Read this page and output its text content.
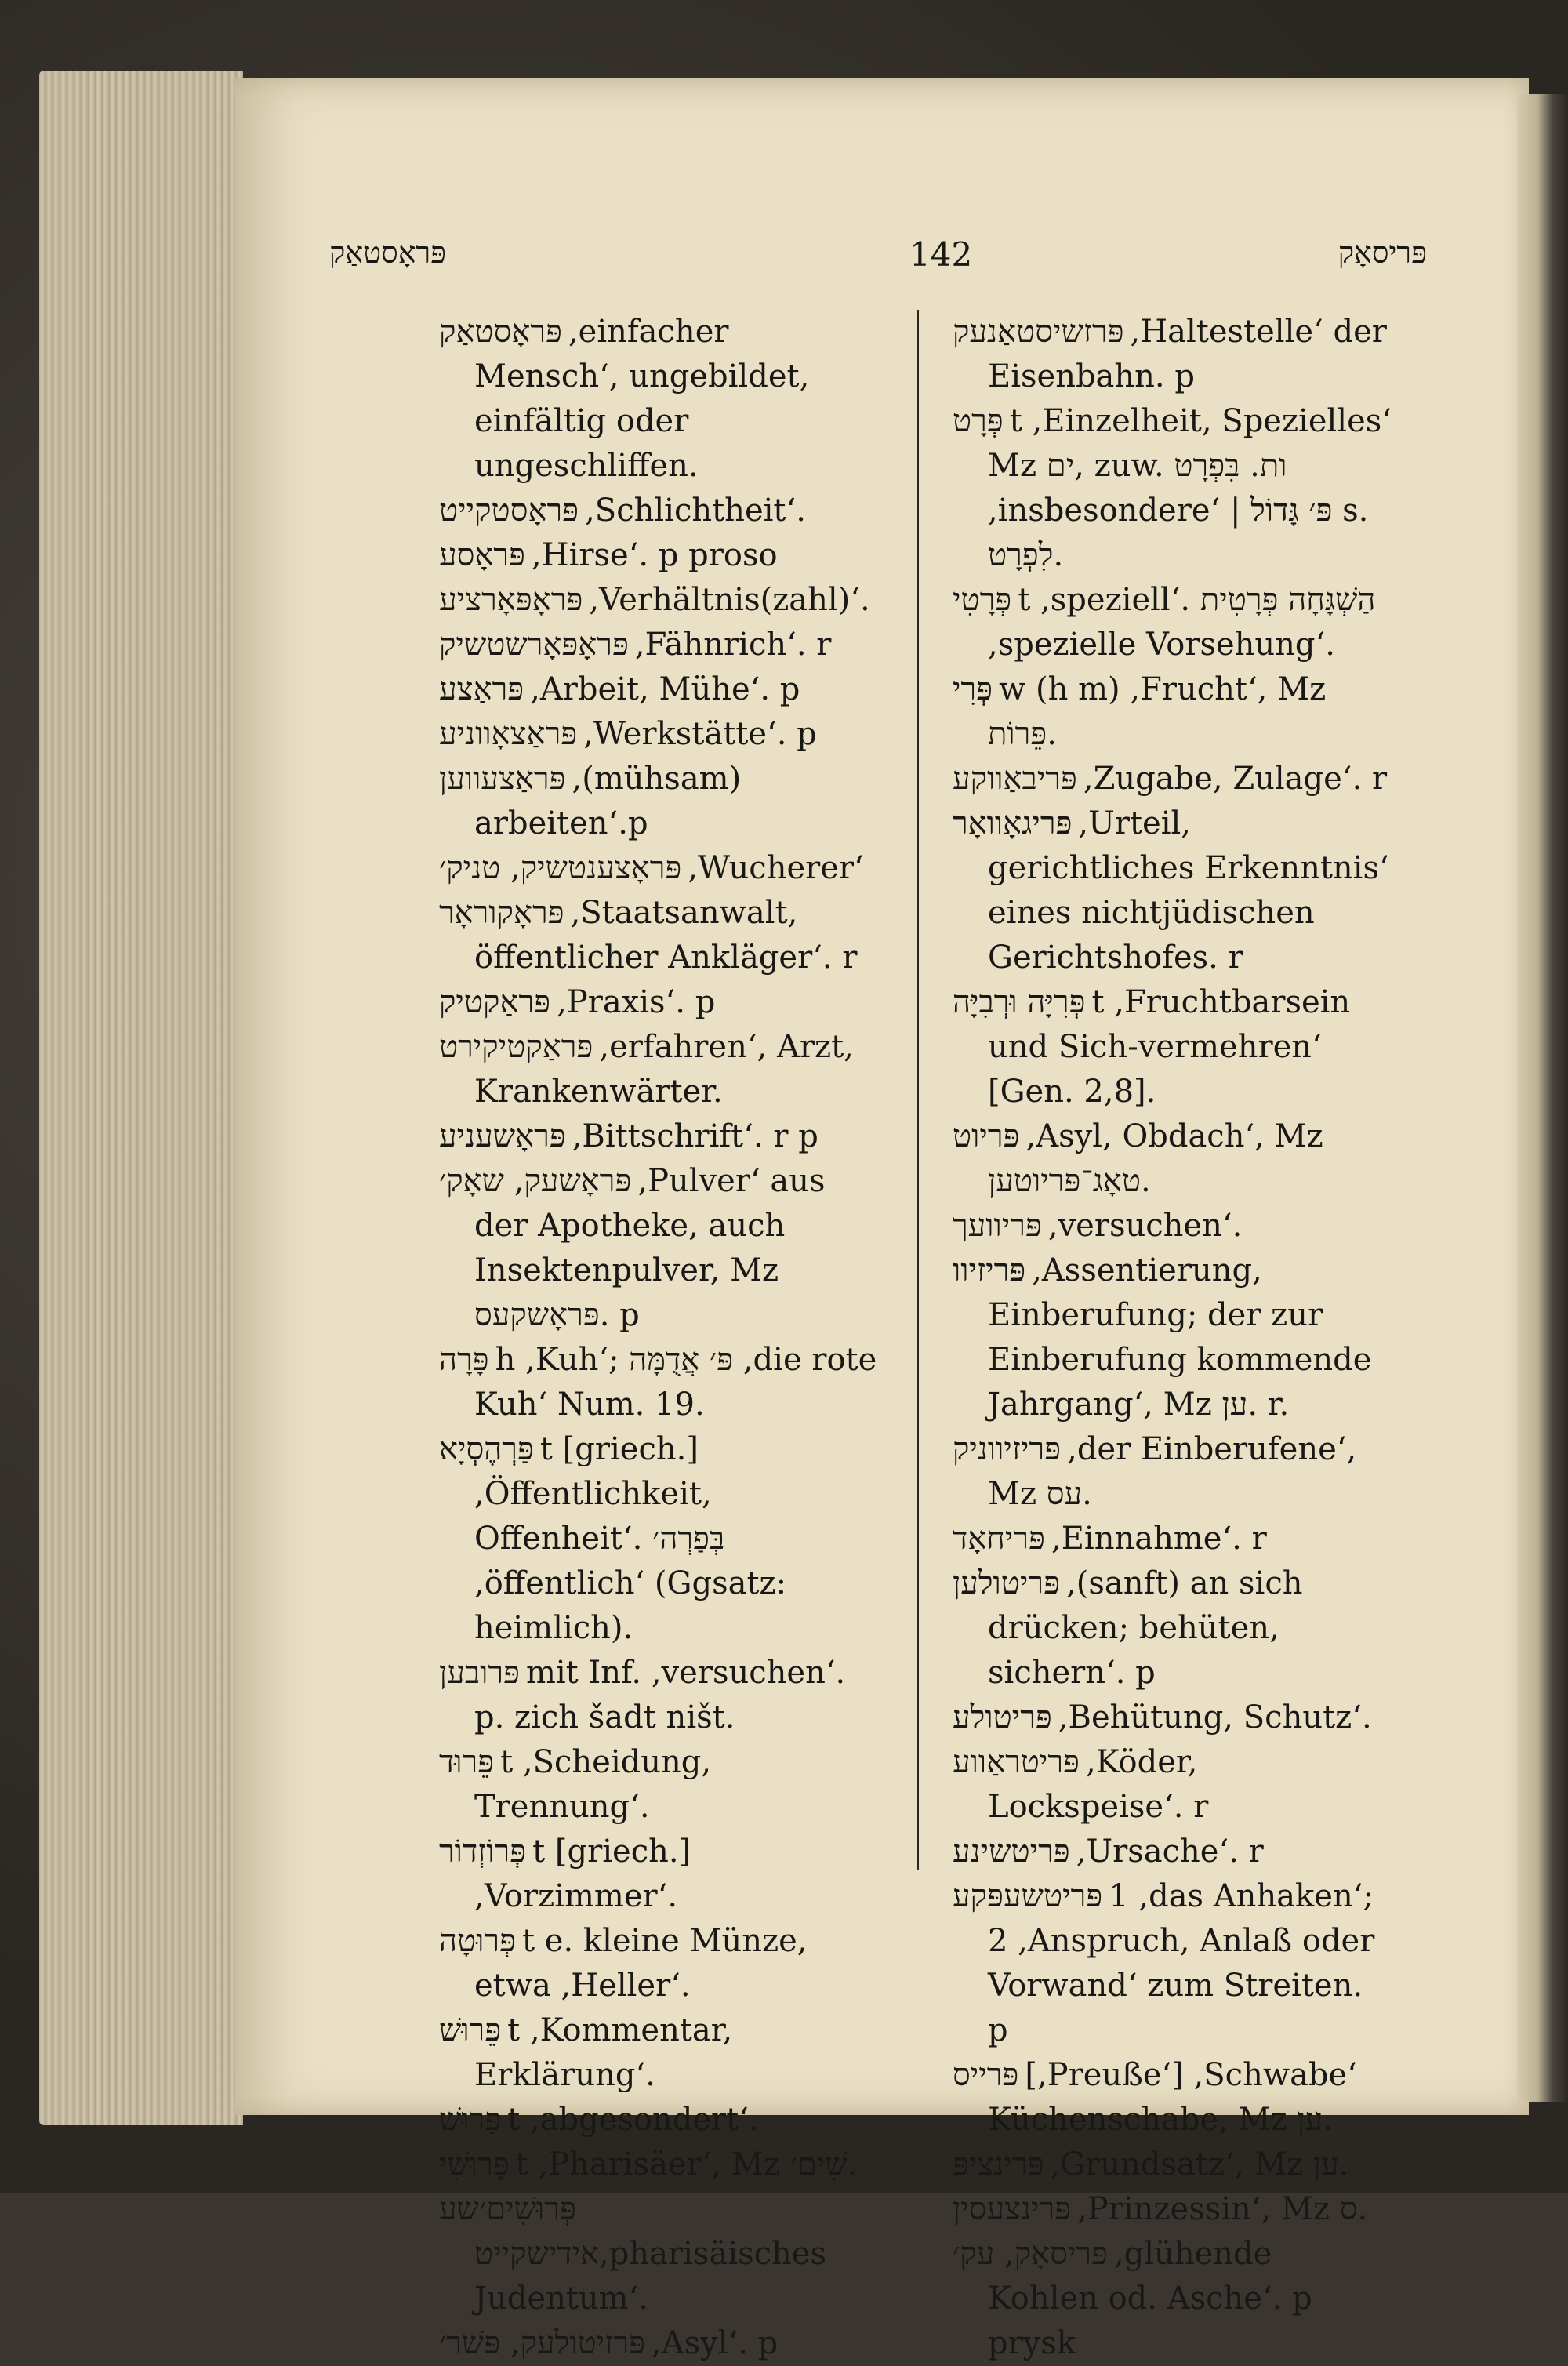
פּראָסטאַק	142	פּריסאָק

פּראָסטאַק ,einfacher Mensch‘, ungebildet, einfältig oder ungeschliffen.

פּראָסטקייט ,Schlichtheit‘.

פּראָסע ,Hirse‘. p proso

פּראָפּאָרציע ,Verhältnis(zahl)‘.

פּראָפּאָרשטשיק ,Fähnrich‘. r

פּראַצע ,Arbeit, Mühe‘. p

פּראַצאָווניע ,Werkstätte‘. p

פּראַצעווען ,(mühsam) arbeiten‘.p

פּראָצענטשיק, טניק׳ ,Wucherer‘

פּראָקוראָר ,Staatsanwalt, öffentlicher Ankläger‘. r

פּראַקטיק ,Praxis‘. p

פּראַקטיקירט ,erfahren‘, Arzt, Krankenwärter.

פּראָשעניע ,Bittschrift‘. r p

פּראָשעק, שאָק׳ ,Pulver‘ aus der Apotheke, auch Insektenpulver, Mz פּראָשקעס. p

פָּרָה h ,Kuh‘; פּ׳ אֲדֻמָּה ,die rote Kuh‘ Num. 19.

פַּרְהֶסְיָא t [griech.] ,Öffentlichkeit, Offenheit‘. בְּפַרְה׳ ,öffentlich‘ (Ggsatz: heimlich).

פּרובען mit Inf. ,versuchen‘. p. zich šadt ništ.

פֵּרוּד t ,Scheidung, Trennung‘.

פְּרוֹזְדוֹר t [griech.] ,Vorzimmer‘.

פְּרוּטָה t e. kleine Münze, etwa ,Heller‘.

פֵּרוּשׁ t ,Kommentar, Erklärung‘.

פָּרוּשׁ t ,abgesondert‘.

פָּרוּשִׁי t ,Pharisäer‘, Mz שִׁים׳.

פְּרוּשִׁים׳שע אידישקייט,pharisäisches Judentum‘.

פּרזיטולעק, פּשׁר׳ ,Asyl‘. p

פּרזשיסטאַנעק ,Haltestelle‘ der Eisenbahn. p

פְּרָט t ,Einzelheit, Spezielles‘ Mz ים, zuw. ות. בִּפְרָט ,insbesondere‘ | פּ׳ גָּדוֹל s. לִפְרָט.

פְּרָטִי t ,speziell‘. הַשְׁגָּחָה פְּרָטִית ,spezielle Vorsehung‘.

פְּרִי w (h m) ,Frucht‘, Mz פֵּרוֹת.

פּריבאַווקע ,Zugabe, Zulage‘. r

פּריגאָוואָר ,Urteil, gerichtliches Erkenntnis‘ eines nichtjüdischen Gerichtshofes. r

פְּרִיָּה וּרְבִיָּה t ,Fruchtbarsein und Sich-vermehren‘ [Gen. 2,8].

פּריוט ,Asyl, Obdach‘, Mz טאָג־פּריוטען.

פּריוועך ,versuchen‘.

פּריזיוו ,Assentierung, Einberufung; der zur Einberufung kommende Jahrgang‘, Mz ען. r.

פּריזיווניק ,der Einberufene‘, Mz עס.

פּריחאָד ,Einnahme‘. r

פּריטולען ,(sanft) an sich drücken; behüten, sichern‘. p

פּריטולע ,Behütung, Schutz‘.

פּריטראַווע ,Köder, Lockspeise‘. r

פּריטשינע ,Ursache‘. r

פּריטשעפּקע 1 ,das Anhaken‘; 2 ,Anspruch, Anlaß oder Vorwand‘ zum Streiten. p

פּרייס [,Preuße‘] ,Schwabe‘ Küchenschabe, Mz ען.

פּרינציפּ ,Grundsatz‘, Mz ען.

פּרינצעסין ,Prinzessin‘, Mz ס.

פּריסאָק, עק׳ ,glühende Kohlen od. Asche‘. p prysk
